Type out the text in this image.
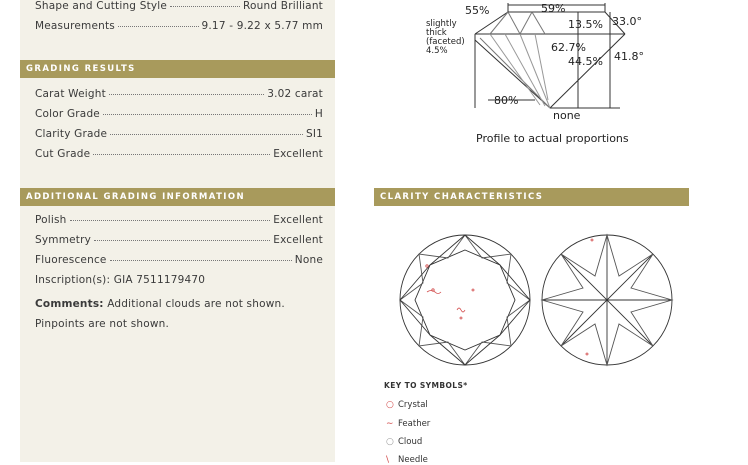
Shape and Cutting Style	Round Brilliant
Measurements	9.17 - 9.22 x 5.77 mm
GRADING RESULTS
Carat Weight	3.02 carat
Color Grade	H
Clarity Grade	SI1
Cut Grade	Excellent
ADDITIONAL GRADING INFORMATION
Polish	Excellent
Symmetry	Excellent
Fluorescence	None
Inscription(s): GIA 7511179470
Comments: Additional clouds are not shown. Pinpoints are not shown.
55%	59%
13.5% 33.0°
62.7%
44.5% 41.8°
80%
none
slightly
thick
(faceted)
4.5%
Profile to actual proportions
CLARITY CHARACTERISTICS
KEY TO SYMBOLS*
○ Crystal
∼ Feather
○ Cloud
\	Needle
